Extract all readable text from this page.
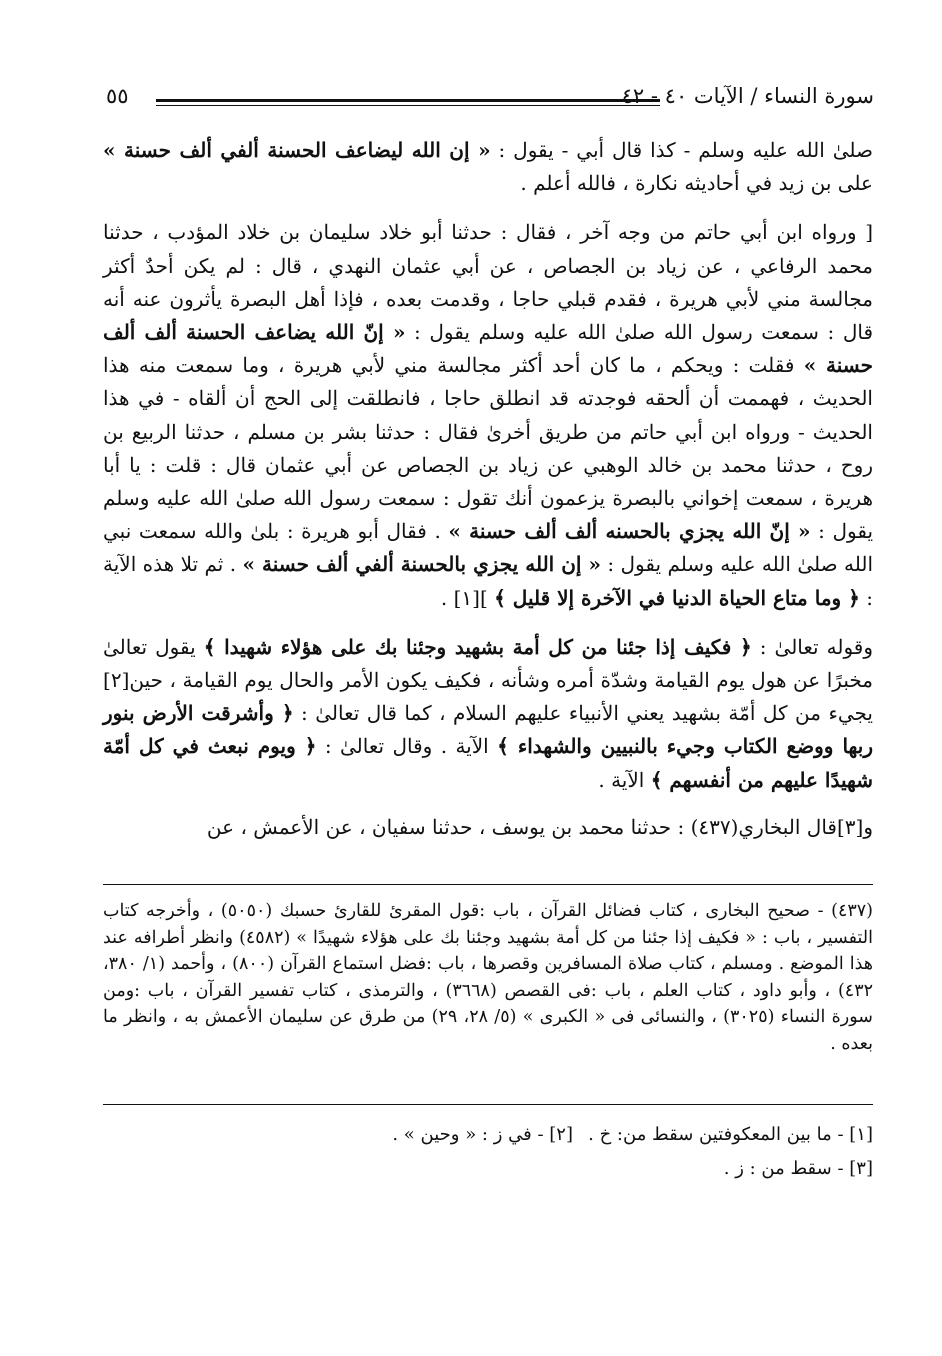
سورة النساء / الآيات ٤٠ - ٤٢
٥٥

صلىٰ الله عليه وسلم - كذا قال أبي - يقول : « إن الله ليضاعف الحسنة ألفي ألف حسنة » على بن زيد في أحاديثه نكارة ، فالله أعلم .

[ ورواه ابن أبي حاتم من وجه آخر ، فقال : حدثنا أبو خلاد سليمان بن خلاد المؤدب ، حدثنا محمد الرفاعي ، عن زياد بن الجصاص ، عن أبي عثمان النهدي ، قال : لم يكن أحدٌ أكثر مجالسة مني لأبي هريرة ، فقدم قبلي حاجا ، وقدمت بعده ، فإذا أهل البصرة يأثرون عنه أنه قال : سمعت رسول الله صلىٰ الله عليه وسلم يقول : « إنّ الله يضاعف الحسنة ألف ألف حسنة » فقلت : ويحكم ، ما كان أحد أكثر مجالسة مني لأبي هريرة ، وما سمعت منه هذا الحديث ، فهممت أن ألحقه فوجدته قد انطلق حاجا ، فانطلقت إلى الحج أن ألقاه - في هذا الحديث - ورواه ابن أبي حاتم من طريق أخرىٰ فقال : حدثنا بشر بن مسلم ، حدثنا الربيع بن روح ، حدثنا محمد بن خالد الوهبي عن زياد بن الجصاص عن أبي عثمان قال : قلت : يا أبا هريرة ، سمعت إخواني بالبصرة يزعمون أنك تقول : سمعت رسول الله صلىٰ الله عليه وسلم يقول : « إنّ الله يجزي بالحسنه ألف ألف حسنة » . فقال أبو هريرة : بلىٰ والله سمعت نبي الله صلىٰ الله عليه وسلم يقول : « إن الله يجزي بالحسنة ألفي ألف حسنة » . ثم تلا هذه الآية : ﴿ وما متاع الحياة الدنيا في الآخرة إلا قليل ﴾ ][١] .

وقوله تعالىٰ : ﴿ فكيف إذا جئنا من كل أمة بشهيد وجئنا بك على هؤلاء شهيدا ﴾ يقول تعالىٰ مخبرًا عن هول يوم القيامة وشدّة أمره وشأنه ، فكيف يكون الأمر والحال يوم القيامة ، حين[٢] يجيء من كل أمّة بشهيد يعني الأنبياء عليهم السلام ، كما قال تعالىٰ : ﴿ وأشرقت الأرض بنور ربها ووضع الكتاب وجيء بالنبيين والشهداء ﴾ الآية . وقال تعالىٰ : ﴿ ويوم نبعث في كل أمّة شهيدًا عليهم من أنفسهم ﴾ الآية .

و[٣]قال البخاري(٤٣٧) : حدثنا محمد بن يوسف ، حدثنا سفيان ، عن الأعمش ، عن

(٤٣٧) - صحيح البخارى ، كتاب فضائل القرآن ، باب :قول المقرئ للقارئ حسبك (٥٠٥٠) ، وأخرجه كتاب التفسير ، باب : « فكيف إذا جئنا من كل أمة بشهيد وجئنا بك على هؤلاء شهيدًا » (٤٥٨٢) وانظر أطرافه عند هذا الموضع . ومسلم ، كتاب صلاة المسافرين وقصرها ، باب :فضل استماع القرآن (٨٠٠) ، وأحمد (١/ ٣٨٠، ٤٣٢) ، وأبو داود ، كتاب العلم ، باب :فى القصص (٣٦٦٨) ، والترمذى ، كتاب تفسير القرآن ، باب :ومن سورة النساء (٣٠٢٥) ، والنسائى فى « الكبرى » (٥/ ٢٨، ٢٩) من طرق عن سليمان الأعمش به ، وانظر ما بعده .

[١] - ما بين المعكوفتين سقط من: خ .
[٢] - في ز : « وحين » .
[٣] - سقط من : ز .
